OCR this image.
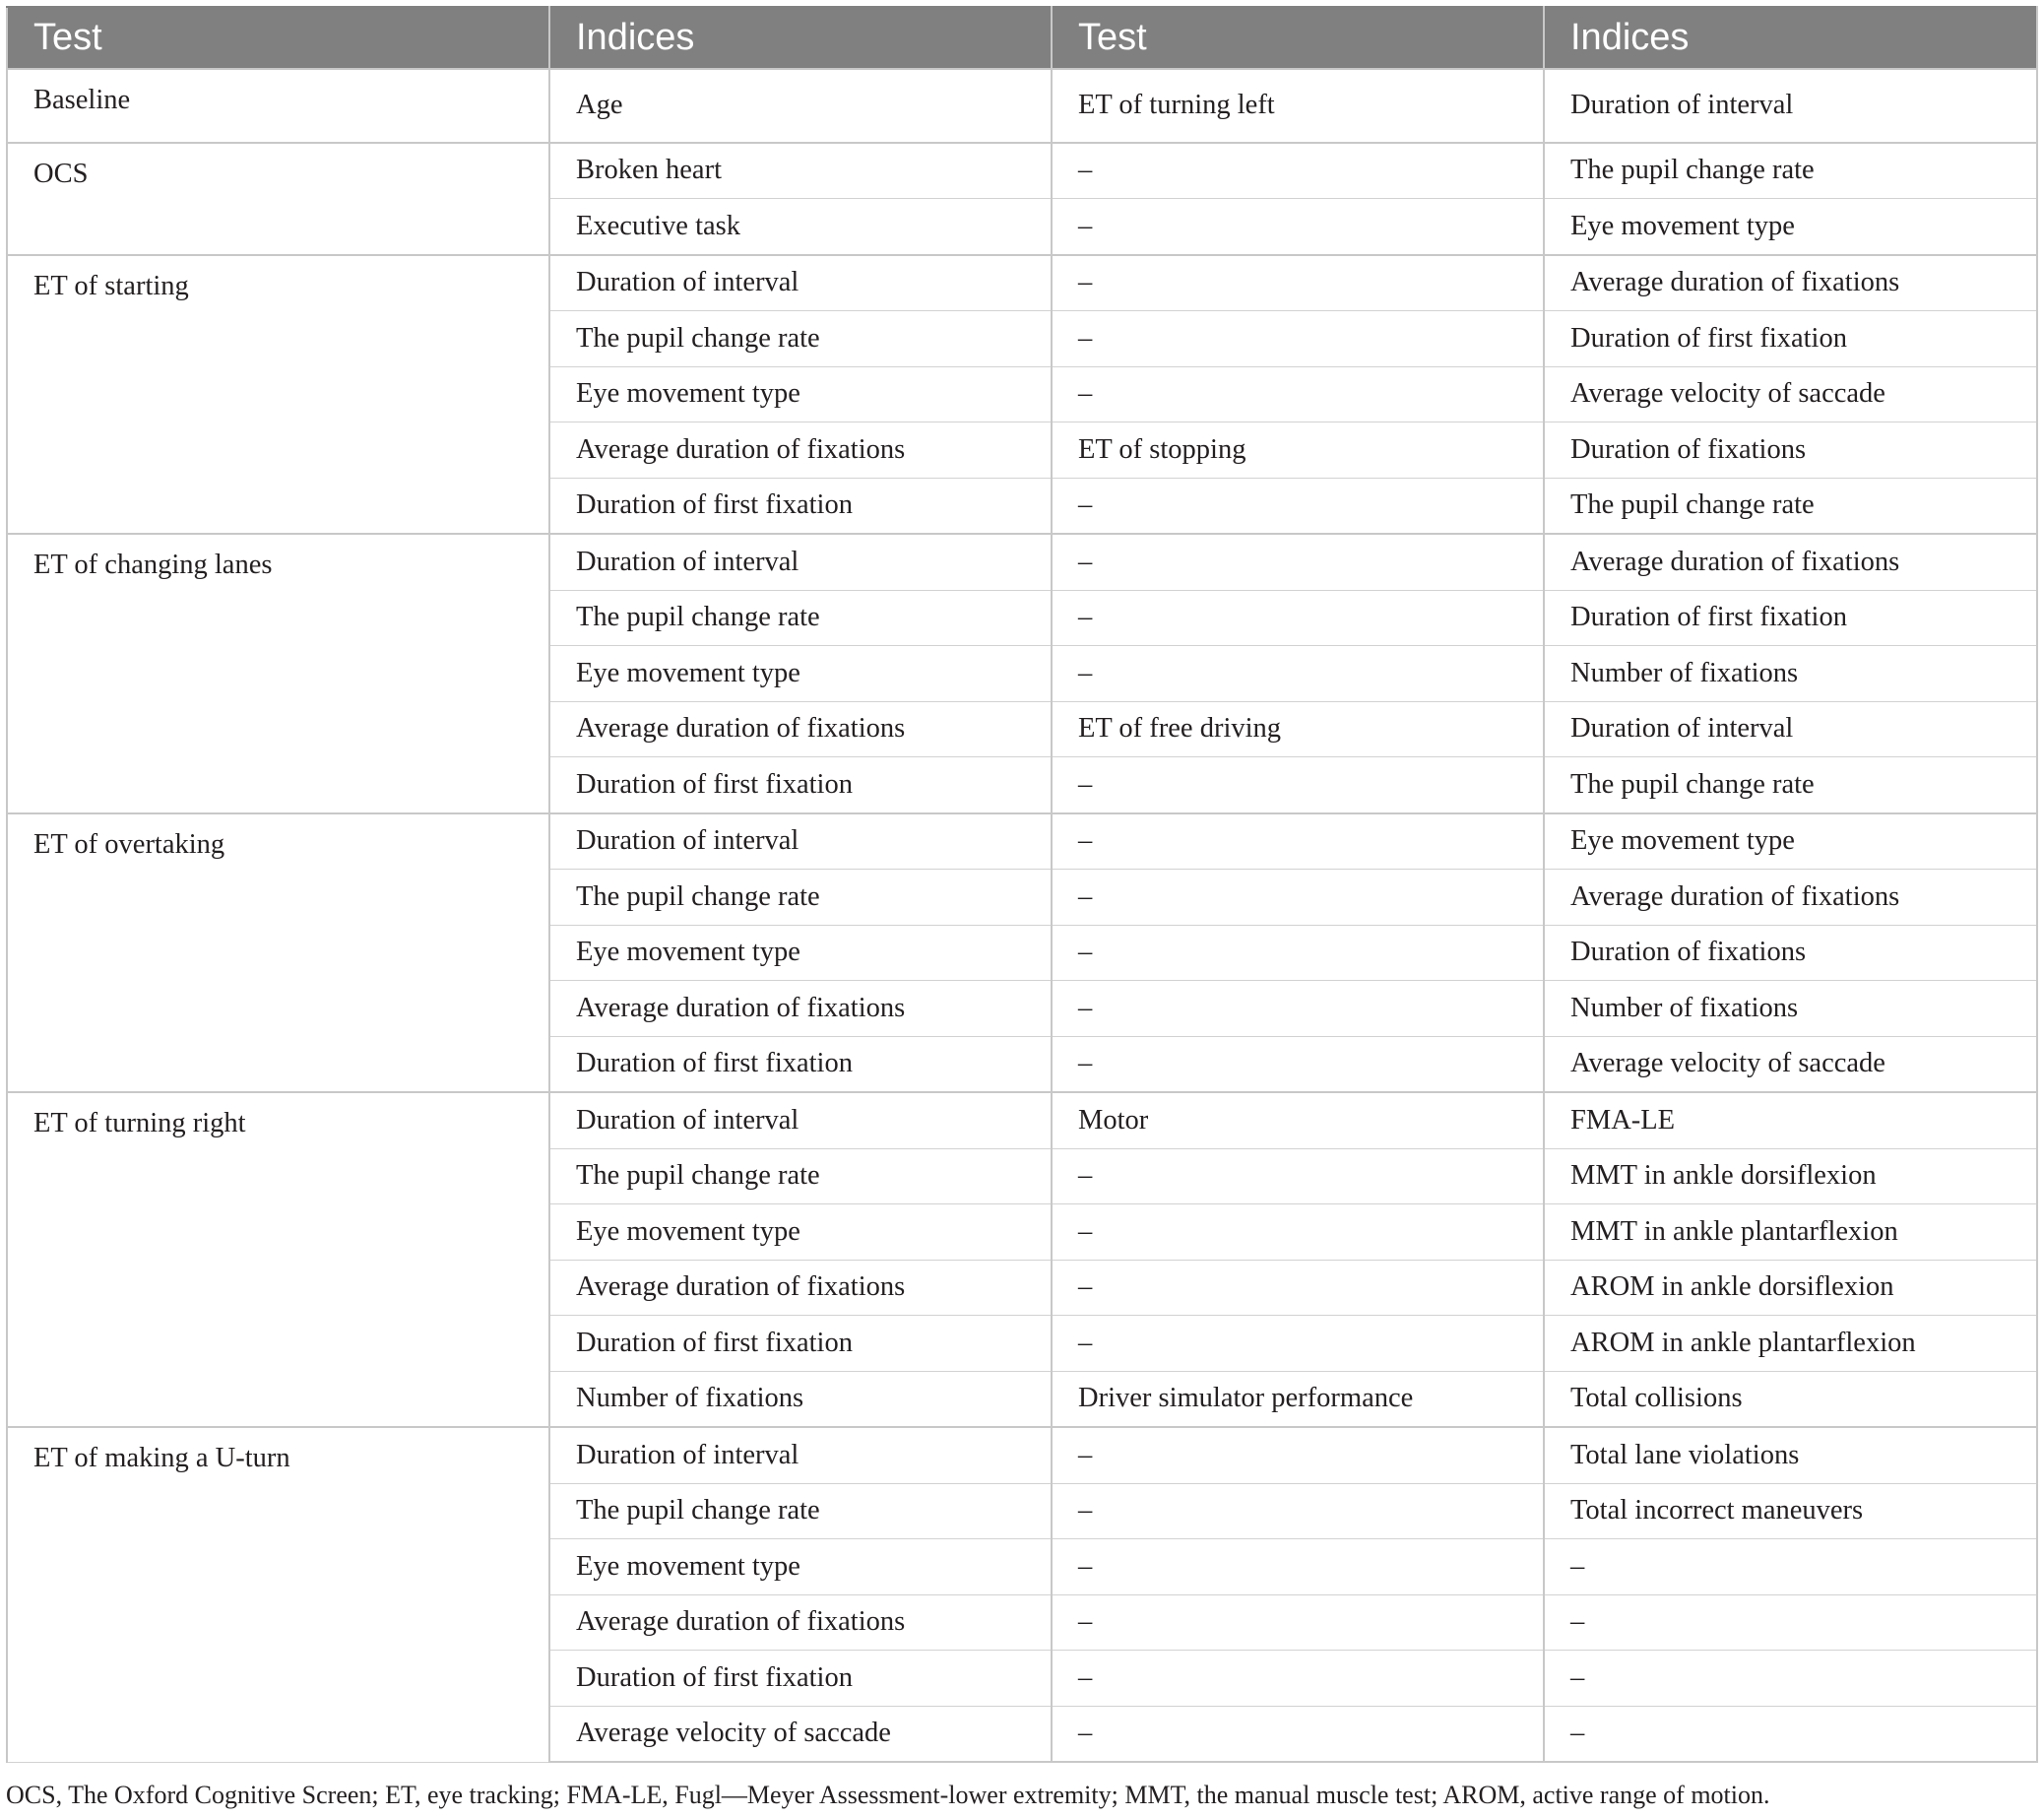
Test	Indices	Test	Indices
Baseline	Age	ET of turning left	Duration of interval
OCS	Broken heart	–	The pupil change rate
	Executive task	–	Eye movement type
ET of starting	Duration of interval	–	Average duration of fixations
	The pupil change rate	–	Duration of first fixation
	Eye movement type	–	Average velocity of saccade
	Average duration of fixations	ET of stopping	Duration of fixations
	Duration of first fixation	–	The pupil change rate
ET of changing lanes	Duration of interval	–	Average duration of fixations
	The pupil change rate	–	Duration of first fixation
	Eye movement type	–	Number of fixations
	Average duration of fixations	ET of free driving	Duration of interval
	Duration of first fixation	–	The pupil change rate
ET of overtaking	Duration of interval	–	Eye movement type
	The pupil change rate	–	Average duration of fixations
	Eye movement type	–	Duration of fixations
	Average duration of fixations	–	Number of fixations
	Duration of first fixation	–	Average velocity of saccade
ET of turning right	Duration of interval	Motor	FMA-LE
	The pupil change rate	–	MMT in ankle dorsiflexion
	Eye movement type	–	MMT in ankle plantarflexion
	Average duration of fixations	–	AROM in ankle dorsiflexion
	Duration of first fixation	–	AROM in ankle plantarflexion
	Number of fixations	Driver simulator performance	Total collisions
ET of making a U-turn	Duration of interval	–	Total lane violations
	The pupil change rate	–	Total incorrect maneuvers
	Eye movement type	–	–
	Average duration of fixations	–	–
	Duration of first fixation	–	–
	Average velocity of saccade	–	–
OCS, The Oxford Cognitive Screen; ET, eye tracking; FMA-LE, Fugl—Meyer Assessment-lower extremity; MMT, the manual muscle test; AROM, active range of motion.
